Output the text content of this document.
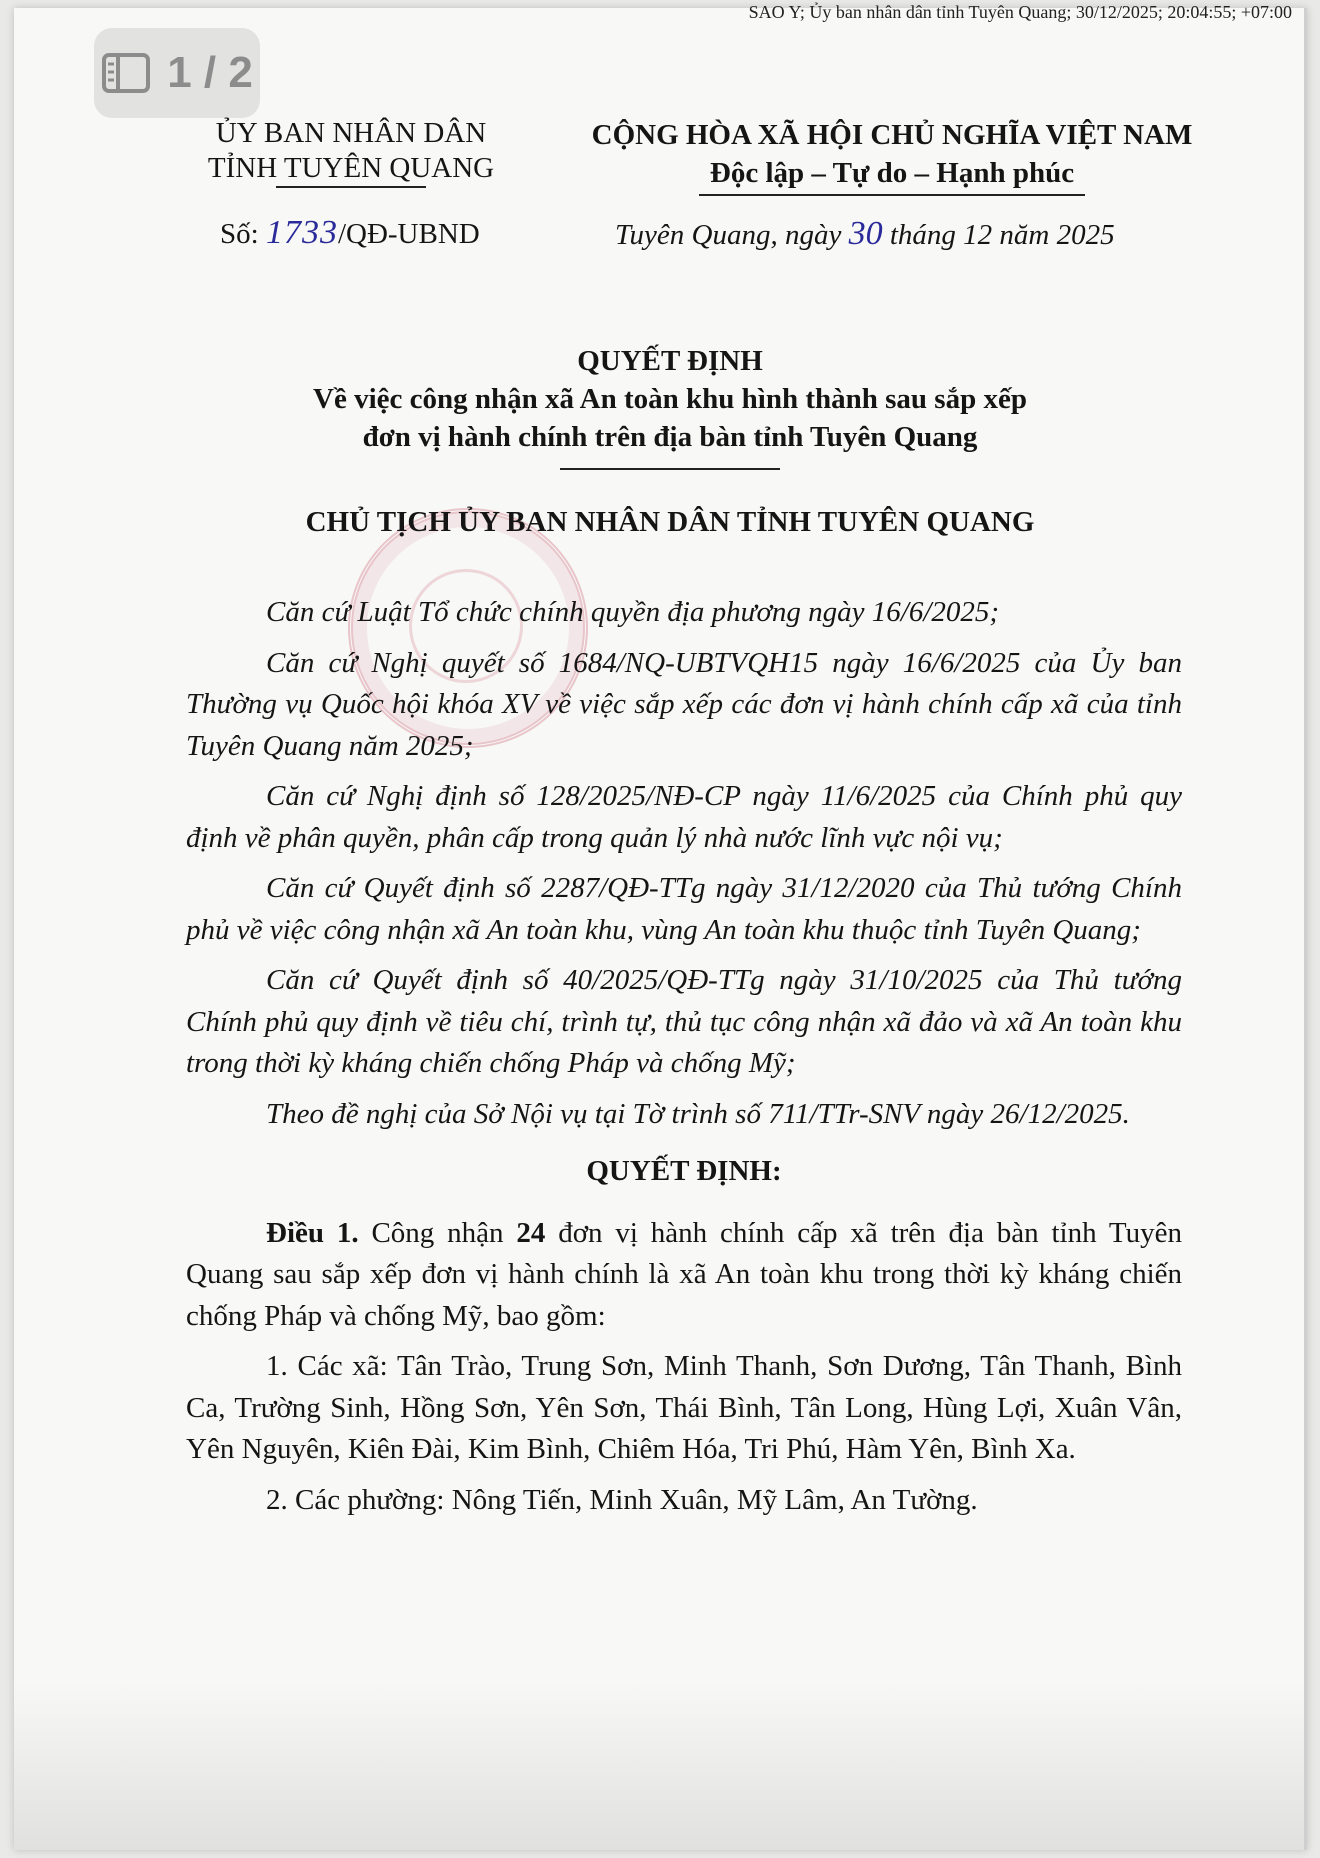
SAO Y; Ủy ban nhân dân tỉnh Tuyên Quang; 30/12/2025; 20:04:55; +07:00
1 / 2
ỦY BAN NHÂN DÂN
TỈNH TUYÊN QUANG
Số: 1733/QĐ-UBND
CỘNG HÒA XÃ HỘI CHỦ NGHĨA VIỆT NAM
Độc lập – Tự do – Hạnh phúc
Tuyên Quang, ngày 30 tháng 12 năm 2025
QUYẾT ĐỊNH
Về việc công nhận xã An toàn khu hình thành sau sắp xếp
đơn vị hành chính trên địa bàn tỉnh Tuyên Quang
CHỦ TỊCH ỦY BAN NHÂN DÂN TỈNH TUYÊN QUANG

Căn cứ Luật Tổ chức chính quyền địa phương ngày 16/6/2025;

Căn cứ Nghị quyết số 1684/NQ-UBTVQH15 ngày 16/6/2025 của Ủy ban Thường vụ Quốc hội khóa XV về việc sắp xếp các đơn vị hành chính cấp xã của tỉnh Tuyên Quang năm 2025;

Căn cứ Nghị định số 128/2025/NĐ-CP ngày 11/6/2025 của Chính phủ quy định về phân quyền, phân cấp trong quản lý nhà nước lĩnh vực nội vụ;

Căn cứ Quyết định số 2287/QĐ-TTg ngày 31/12/2020 của Thủ tướng Chính phủ về việc công nhận xã An toàn khu, vùng An toàn khu thuộc tỉnh Tuyên Quang;

Căn cứ Quyết định số 40/2025/QĐ-TTg ngày 31/10/2025 của Thủ tướng Chính phủ quy định về tiêu chí, trình tự, thủ tục công nhận xã đảo và xã An toàn khu trong thời kỳ kháng chiến chống Pháp và chống Mỹ;

Theo đề nghị của Sở Nội vụ tại Tờ trình số 711/TTr-SNV ngày 26/12/2025.

QUYẾT ĐỊNH:

Điều 1. Công nhận 24 đơn vị hành chính cấp xã trên địa bàn tỉnh Tuyên Quang sau sắp xếp đơn vị hành chính là xã An toàn khu trong thời kỳ kháng chiến chống Pháp và chống Mỹ, bao gồm:

1. Các xã: Tân Trào, Trung Sơn, Minh Thanh, Sơn Dương, Tân Thanh, Bình Ca, Trường Sinh, Hồng Sơn, Yên Sơn, Thái Bình, Tân Long, Hùng Lợi, Xuân Vân, Yên Nguyên, Kiên Đài, Kim Bình, Chiêm Hóa, Tri Phú, Hàm Yên, Bình Xa.

2. Các phường: Nông Tiến, Minh Xuân, Mỹ Lâm, An Tường.
